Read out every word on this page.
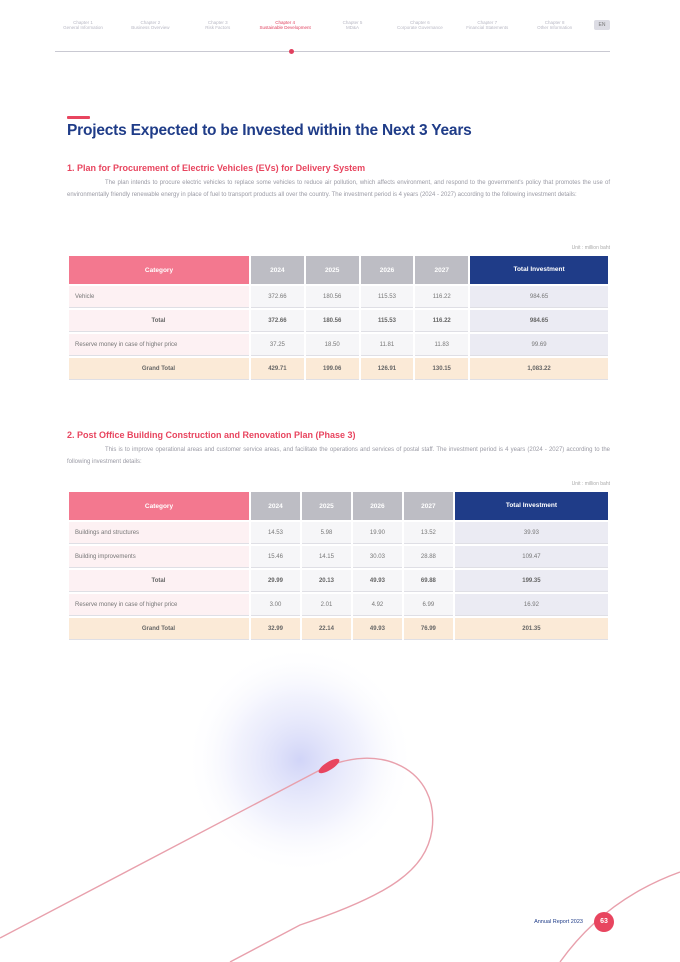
Chapter 1
General Information
Chapter 2
Business Overview
Chapter 3
Risk Factors
Chapter 4
Sustainable Development
Chapter 5
MD&A
Chapter 6
Corporate Governance
Chapter 7
Financial Statements
Chapter 8
Other Information	EN
Projects Expected to be Invested within the Next 3 Years
1. Plan for Procurement of Electric Vehicles (EVs) for Delivery System

The plan intends to procure electric vehicles to replace some vehicles to reduce air pollution, which affects environment, and respond to the government's policy that promotes the use of environmentally friendly renewable energy in place of fuel to transport products all over the country. The investment period is 4 years (2024 - 2027) according to the following investment details:

Unit : million baht
Category	2024	2025	2026	2027	Total Investment
Vehicle	372.66	180.56	115.53	116.22	984.65
Total	372.66	180.56	115.53	116.22	984.65
Reserve money in case of higher price	37.25	18.50	11.81	11.83	99.69
Grand Total	429.71	199.06	126.91	130.15	1,083.22
2. Post Office Building Construction and Renovation Plan (Phase 3)

This is to improve operational areas and customer service areas, and facilitate the operations and services of postal staff. The investment period is 4 years (2024 - 2027) according to the following investment details:

Unit : million baht
Category	2024	2025	2026	2027	Total Investment
Buildings and structures	14.53	5.98	19.90	13.52	39.93
Building improvements	15.46	14.15	30.03	28.88	109.47
Total	29.99	20.13	49.93	69.88	199.35
Reserve money in case of higher price	3.00	2.01	4.92	6.99	16.92
Grand Total	32.99	22.14	49.93	76.99	201.35
Annual Report 2023	63
